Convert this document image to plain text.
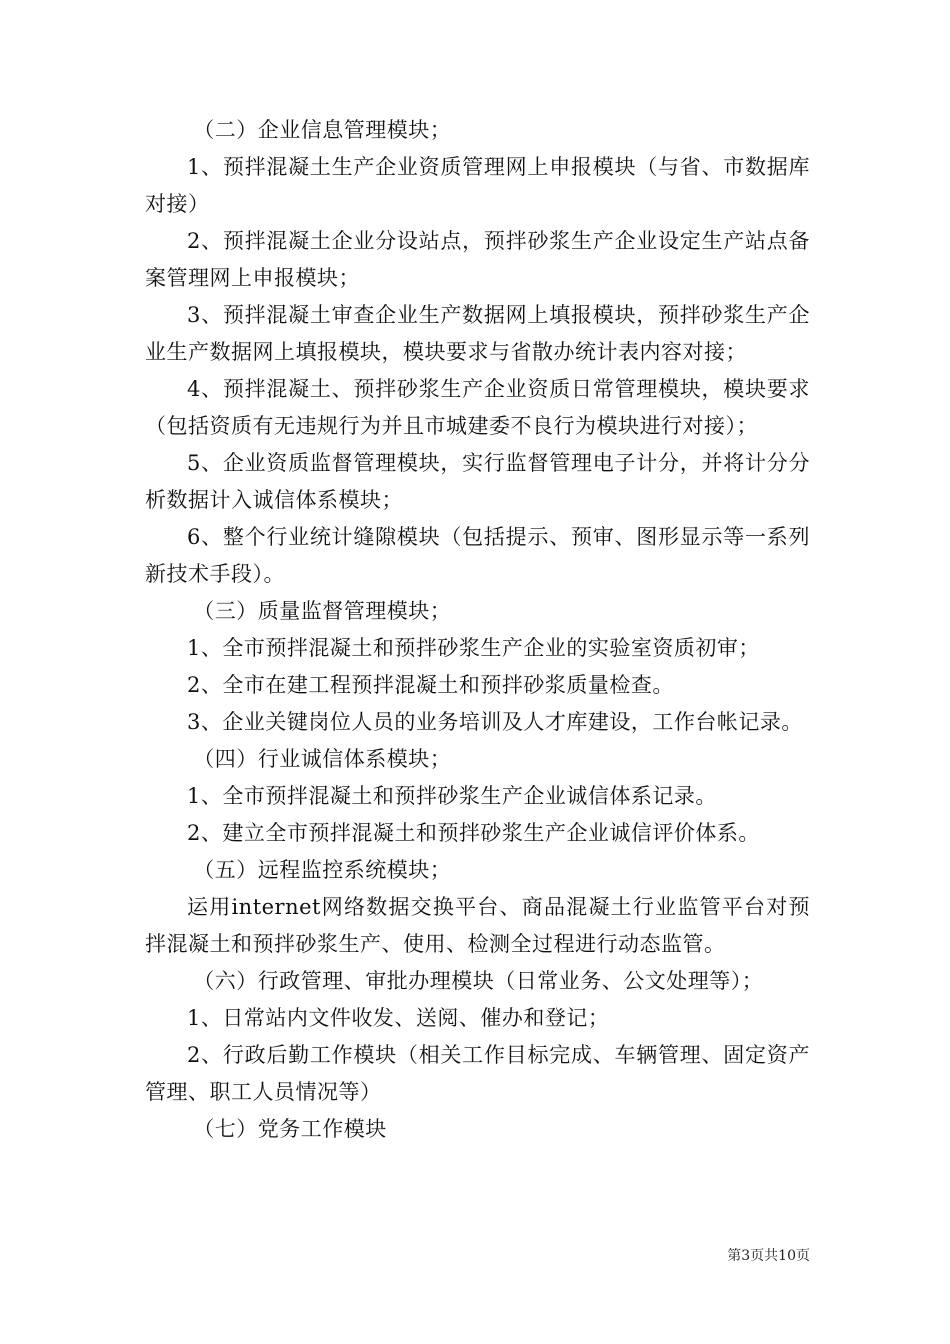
（二）企业信息管理模块；

1、预拌混凝土生产企业资质管理网上申报模块（与省、市数据库对接）

2、预拌混凝土企业分设站点，预拌砂浆生产企业设定生产站点备案管理网上申报模块；

3、预拌混凝土审查企业生产数据网上填报模块，预拌砂浆生产企业生产数据网上填报模块，模块要求与省散办统计表内容对接；

4、预拌混凝土、预拌砂浆生产企业资质日常管理模块，模块要求（包括资质有无违规行为并且市城建委不良行为模块进行对接）；

5、企业资质监督管理模块，实行监督管理电子计分，并将计分分析数据计入诚信体系模块；

6、整个行业统计缝隙模块（包括提示、预审、图形显示等一系列新技术手段）。

（三）质量监督管理模块；

1、全市预拌混凝土和预拌砂浆生产企业的实验室资质初审；

2、全市在建工程预拌混凝土和预拌砂浆质量检查。

3、企业关键岗位人员的业务培训及人才库建设，工作台帐记录。

（四）行业诚信体系模块；

1、全市预拌混凝土和预拌砂浆生产企业诚信体系记录。

2、建立全市预拌混凝土和预拌砂浆生产企业诚信评价体系。

（五）远程监控系统模块；

运用internet网络数据交换平台、商品混凝土行业监管平台对预拌混凝土和预拌砂浆生产、使用、检测全过程进行动态监管。

（六）行政管理、审批办理模块（日常业务、公文处理等）；

1、日常站内文件收发、送阅、催办和登记；

2、行政后勤工作模块（相关工作目标完成、车辆管理、固定资产管理、职工人员情况等）

（七）党务工作模块

第3页共10页
